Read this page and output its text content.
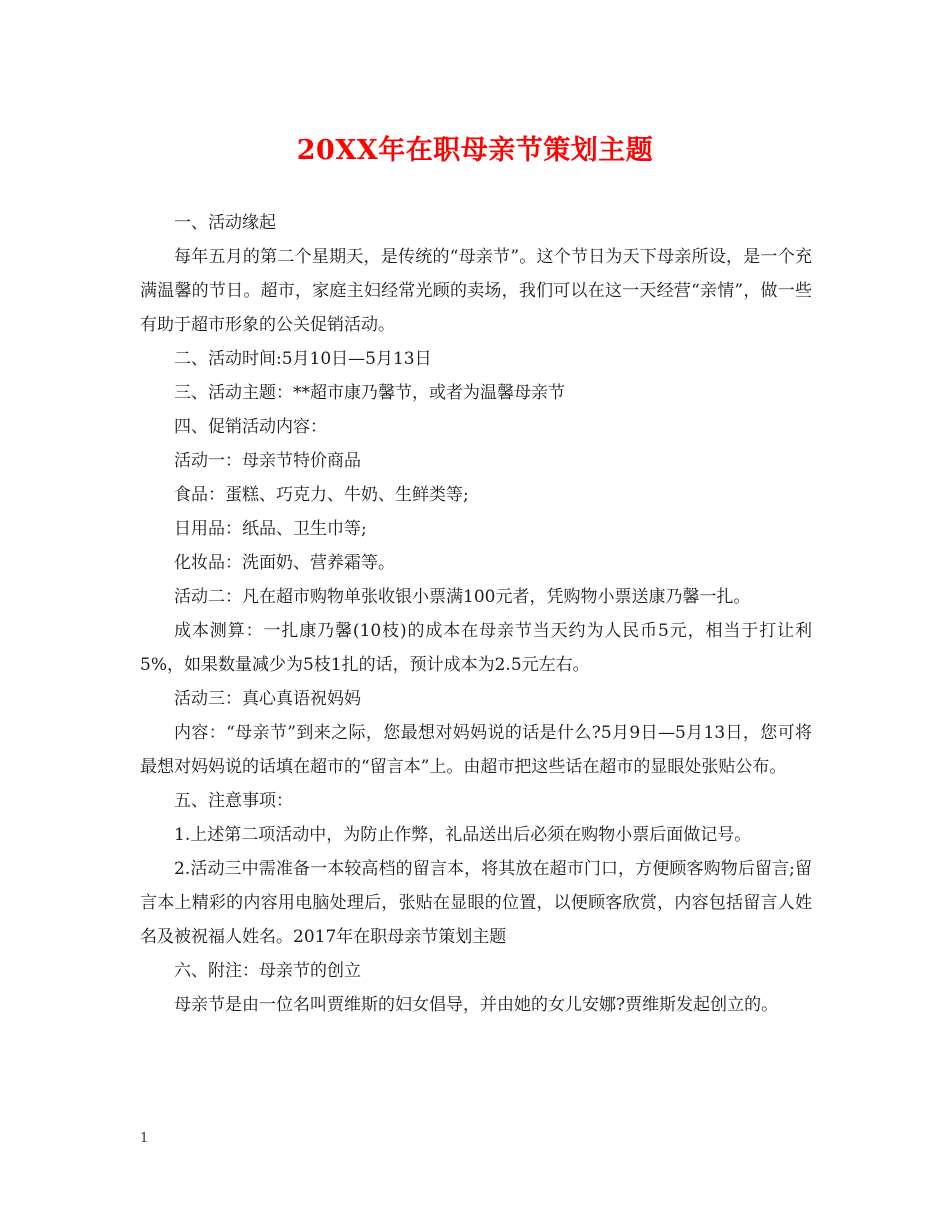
20XX年在职母亲节策划主题

一、活动缘起

每年五月的第二个星期天，是传统的“母亲节”。这个节日为天下母亲所设，是一个充满温馨的节日。超市，家庭主妇经常光顾的卖场，我们可以在这一天经营“亲情”，做一些有助于超市形象的公关促销活动。

二、活动时间:5月10日—5月13日

三、活动主题：**超市康乃馨节，或者为温馨母亲节

四、促销活动内容：

活动一：母亲节特价商品

食品：蛋糕、巧克力、牛奶、生鲜类等;

日用品：纸品、卫生巾等;

化妆品：洗面奶、营养霜等。

活动二：凡在超市购物单张收银小票满100元者，凭购物小票送康乃馨一扎。

成本测算：一扎康乃馨(10枝)的成本在母亲节当天约为人民币5元，相当于打让利5%，如果数量减少为5枝1扎的话，预计成本为2.5元左右。

活动三：真心真语祝妈妈

内容：“母亲节”到来之际，您最想对妈妈说的话是什么?5月9日—5月13日，您可将最想对妈妈说的话填在超市的“留言本”上。由超市把这些话在超市的显眼处张贴公布。

五、注意事项：

1.上述第二项活动中，为防止作弊，礼品送出后必须在购物小票后面做记号。

2.活动三中需准备一本较高档的留言本，将其放在超市门口，方便顾客购物后留言;留言本上精彩的内容用电脑处理后，张贴在显眼的位置，以便顾客欣赏，内容包括留言人姓名及被祝福人姓名。2017年在职母亲节策划主题

六、附注：母亲节的创立

母亲节是由一位名叫贾维斯的妇女倡导，并由她的女儿安娜?贾维斯发起创立的。

1
